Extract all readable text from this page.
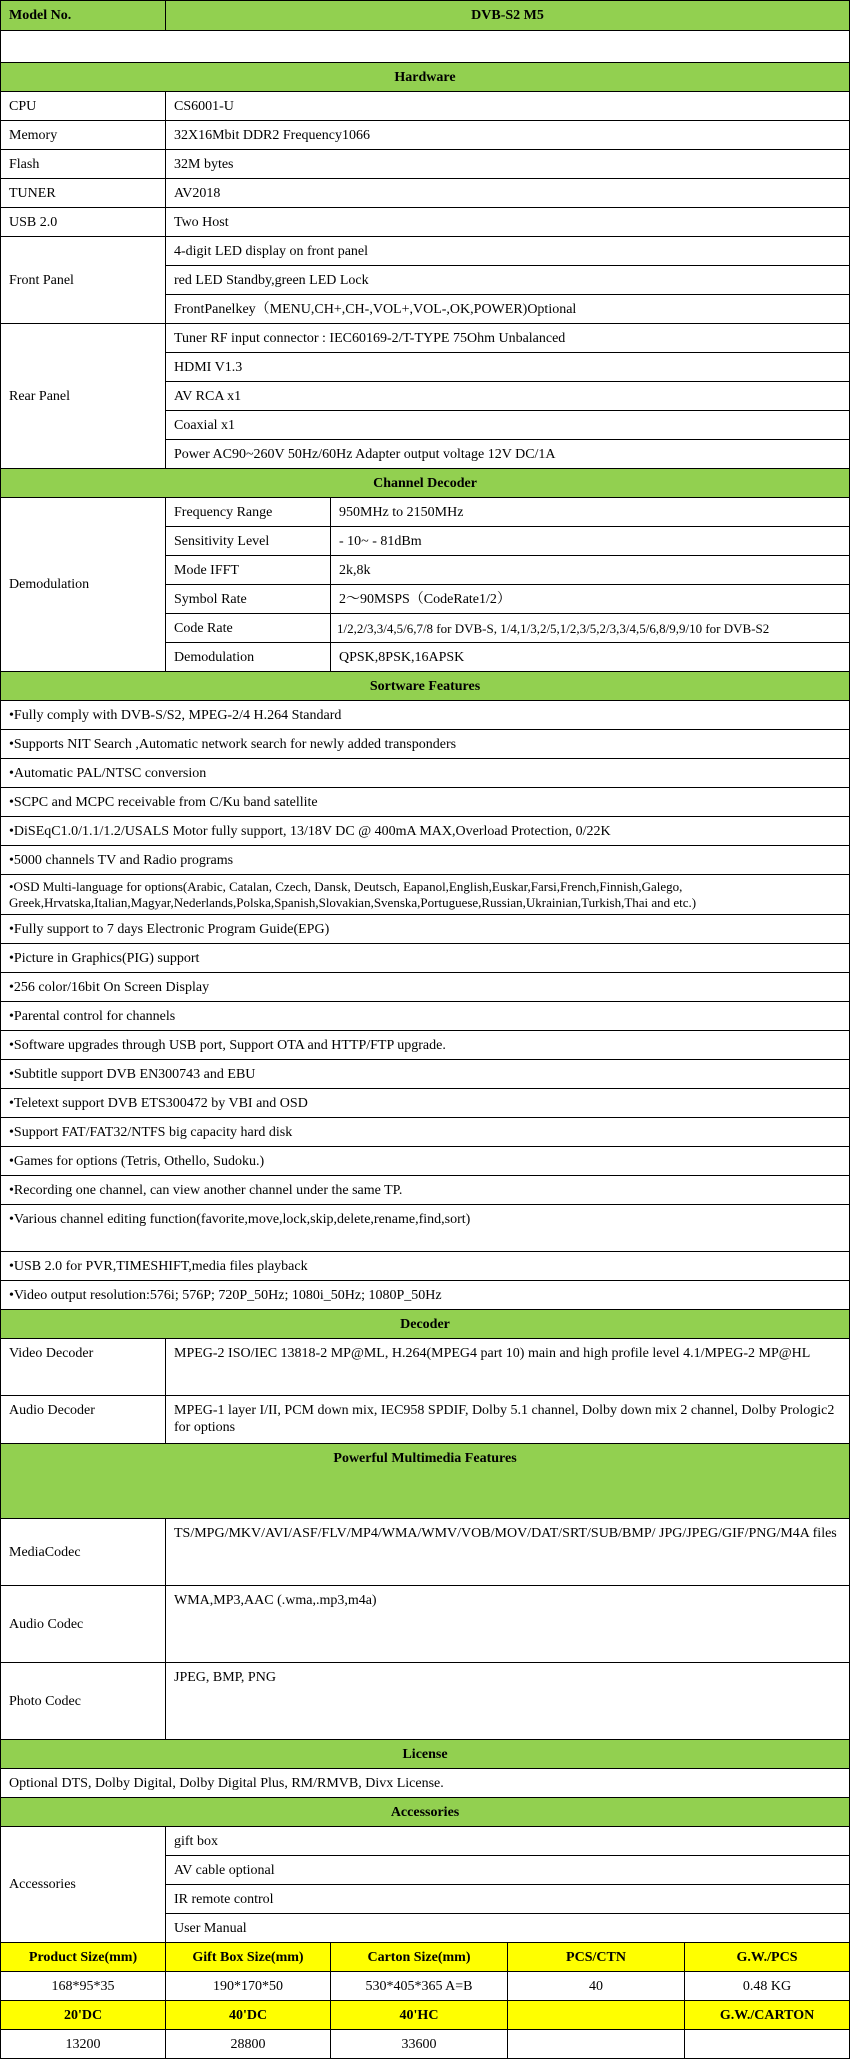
Model No.	DVB-S2 M5			

Hardware				
CPU	CS6001-U			
Memory	32X16Mbit DDR2 Frequency1066			
Flash	32M bytes			
TUNER	AV2018			
USB 2.0	Two Host			
Front Panel	4-digit LED display on front panel			
	red LED Standby,green LED Lock			
	FrontPanelkey（MENU,CH+,CH-,VOL+,VOL-,OK,POWER)Optional			
Rear Panel	Tuner RF input connector : IEC60169-2/T-TYPE 75Ohm Unbalanced			
	HDMI V1.3			
	AV RCA x1			
	Coaxial x1			
	Power AC90~260V 50Hz/60Hz Adapter output voltage 12V DC/1A			
Channel Decoder				
Demodulation	Frequency Range	950MHz to 2150MHz		
	Sensitivity Level	- 10~ - 81dBm		
	Mode IFFT	2k,8k		
	Symbol Rate	2～90MSPS（CodeRate1/2）		
	Code Rate	1/2,2/3,3/4,5/6,7/8 for DVB-S, 1/4,1/3,2/5,1/2,3/5,2/3,3/4,5/6,8/9,9/10 for DVB-S2		
	Demodulation	QPSK,8PSK,16APSK		
Sortware Features				
•Fully comply with DVB-S/S2, MPEG-2/4 H.264 Standard				
•Supports NIT Search ,Automatic network search for newly added transponders				
•Automatic PAL/NTSC conversion				
•SCPC and MCPC receivable from C/Ku band satellite				
•DiSEqC1.0/1.1/1.2/USALS Motor fully support, 13/18V DC @ 400mA MAX,Overload Protection, 0/22K				
•5000 channels TV and Radio programs				
•OSD Multi-language for options(Arabic, Catalan, Czech, Dansk, Deutsch, Eapanol,English,Euskar,Farsi,French,Finnish,Galego, Greek,Hrvatska,Italian,Magyar,Nederlands,Polska,Spanish,Slovakian,Svenska,Portuguese,Russian,Ukrainian,Turkish,Thai and etc.)				
•Fully support to 7 days Electronic Program Guide(EPG)				
•Picture in Graphics(PIG) support				
•256 color/16bit On Screen Display				
•Parental control for channels				
•Software upgrades through USB port, Support OTA and HTTP/FTP upgrade.				
•Subtitle support DVB EN300743 and EBU				
•Teletext support DVB ETS300472 by VBI and OSD				
•Support FAT/FAT32/NTFS big capacity hard disk				
•Games for options (Tetris, Othello, Sudoku.)				
•Recording one channel, can view another channel under the same TP.				
•Various channel editing function(favorite,move,lock,skip,delete,rename,find,sort)				
•USB 2.0 for PVR,TIMESHIFT,media files playback				
•Video output resolution:576i; 576P; 720P_50Hz; 1080i_50Hz; 1080P_50Hz				
Decoder				
Video Decoder	MPEG-2 ISO/IEC 13818-2 MP@ML, H.264(MPEG4 part 10) main and high profile level 4.1/MPEG-2 MP@HL			
Audio Decoder	MPEG-1 layer I/II, PCM down mix, IEC958 SPDIF, Dolby 5.1 channel, Dolby down mix 2 channel, Dolby Prologic2 for options			
Powerful Multimedia Features				
MediaCodec	TS/MPG/MKV/AVI/ASF/FLV/MP4/WMA/WMV/VOB/MOV/DAT/SRT/SUB/BMP/ JPG/JPEG/GIF/PNG/M4A files			
Audio Codec	WMA,MP3,AAC (.wma,.mp3,m4a)			
Photo Codec	JPEG, BMP, PNG			
License				
Optional DTS, Dolby Digital, Dolby Digital Plus, RM/RMVB, Divx License.				
Accessories				
Accessories	gift box			
	AV cable optional			
	IR remote control			
	User Manual			
Product Size(mm)	Gift Box Size(mm)	Carton Size(mm)	PCS/CTN	G.W./PCS
168*95*35	190*170*50	530*405*365 A=B	40	0.48 KG
20'DC	40'DC	40'HC		G.W./CARTON
13200	28800	33600		
